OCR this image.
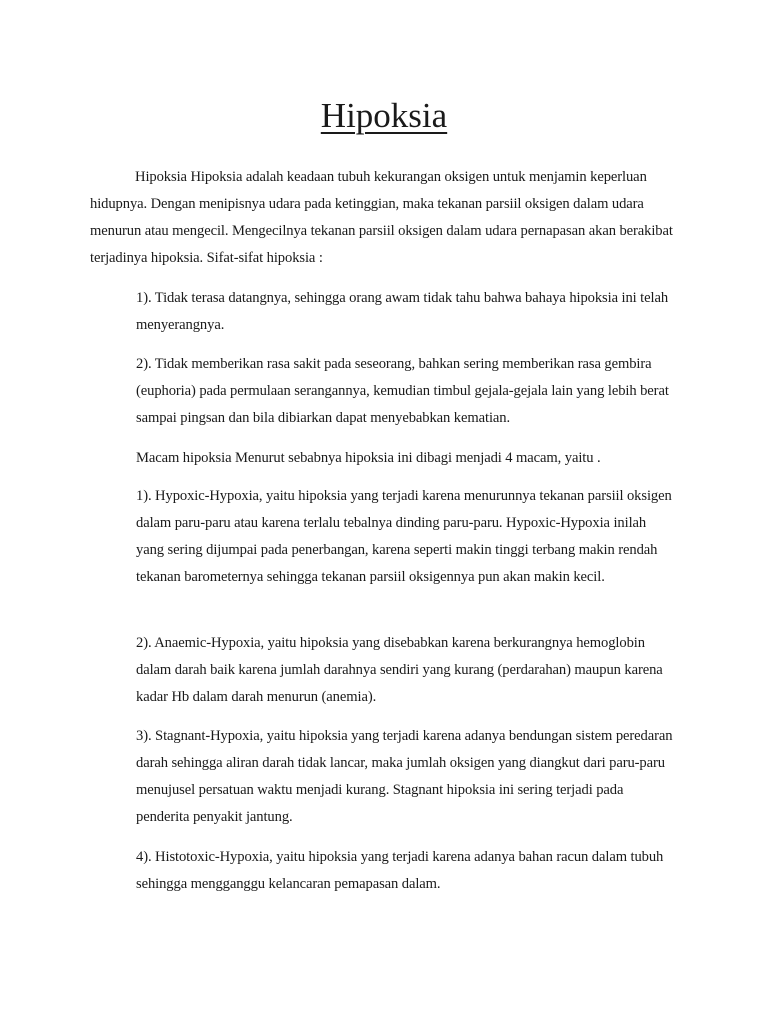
Hipoksia

Hipoksia Hipoksia adalah keadaan tubuh kekurangan oksigen untuk menjamin keperluan hidupnya. Dengan menipisnya udara pada ketinggian, maka tekanan parsiil oksigen dalam udara menurun atau mengecil. Mengecilnya tekanan parsiil oksigen dalam udara pernapasan akan berakibat terjadinya hipoksia. Sifat-sifat hipoksia :

1). Tidak terasa datangnya, sehingga orang awam tidak tahu bahwa bahaya hipoksia ini telah menyerangnya.

2). Tidak memberikan rasa sakit pada seseorang, bahkan sering memberikan rasa gembira (euphoria) pada permulaan serangannya, kemudian timbul gejala-gejala lain yang lebih berat sampai pingsan dan bila dibiarkan dapat menyebabkan kematian.

Macam hipoksia Menurut sebabnya hipoksia ini dibagi menjadi 4 macam, yaitu .

1). Hypoxic-Hypoxia, yaitu hipoksia yang terjadi karena menurunnya tekanan parsiil oksigen dalam paru-paru atau karena terlalu tebalnya dinding paru-paru. Hypoxic-Hypoxia inilah yang sering dijumpai pada penerbangan, karena seperti makin tinggi terbang makin rendah tekanan barometernya sehingga tekanan parsiil oksigennya pun akan makin kecil.

2). Anaemic-Hypoxia, yaitu hipoksia yang disebabkan karena berkurangnya hemoglobin dalam darah baik karena jumlah darahnya sendiri yang kurang (perdarahan) maupun karena kadar Hb dalam darah menurun (anemia).

3). Stagnant-Hypoxia, yaitu hipoksia yang terjadi karena adanya bendungan sistem peredaran darah sehingga aliran darah tidak lancar, maka jumlah oksigen yang diangkut dari paru-paru menujusel persatuan waktu menjadi kurang. Stagnant hipoksia ini sering terjadi pada penderita penyakit jantung.

4). Histotoxic-Hypoxia, yaitu hipoksia yang terjadi karena adanya bahan racun dalam tubuh sehingga mengganggu kelancaran pemapasan dalam.
